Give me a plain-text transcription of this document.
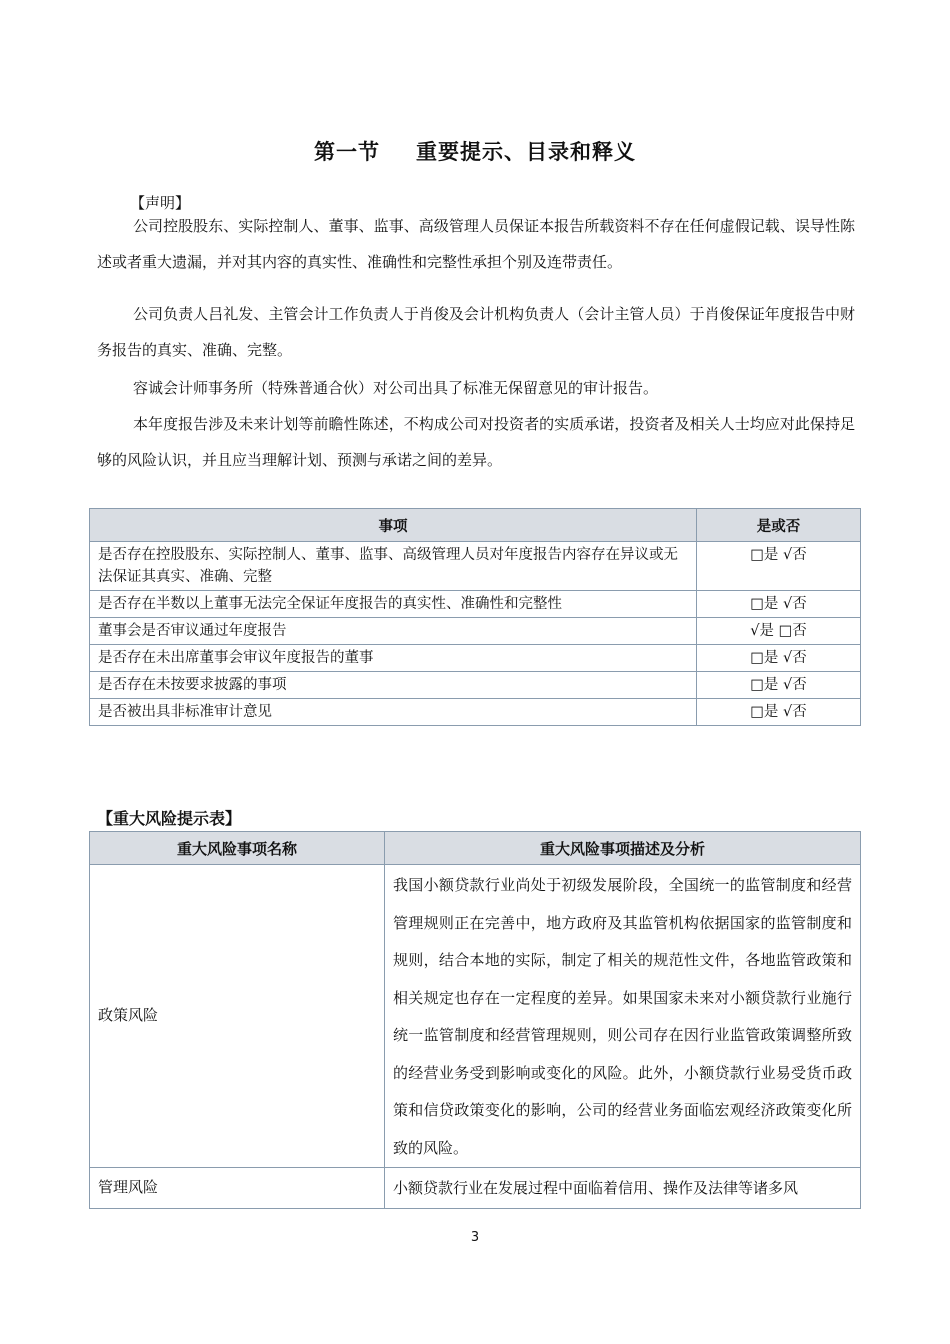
第一节 重要提示、目录和释义
【声明】

公司控股股东、实际控制人、董事、监事、高级管理人员保证本报告所载资料不存在任何虚假记载、误导性陈述或者重大遗漏，并对其内容的真实性、准确性和完整性承担个别及连带责任。

公司负责人吕礼发、主管会计工作负责人于肖俊及会计机构负责人（会计主管人员）于肖俊保证年度报告中财务报告的真实、准确、完整。

容诚会计师事务所（特殊普通合伙）对公司出具了标准无保留意见的审计报告。

本年度报告涉及未来计划等前瞻性陈述，不构成公司对投资者的实质承诺，投资者及相关人士均应对此保持足够的风险认识，并且应当理解计划、预测与承诺之间的差异。

事项	是或否
是否存在控股股东、实际控制人、董事、监事、高级管理人员对年度报告内容存在异议或无法保证其真实、准确、完整	□是 √否
是否存在半数以上董事无法完全保证年度报告的真实性、准确性和完整性	□是 √否
董事会是否审议通过年度报告	√是 □否
是否存在未出席董事会审议年度报告的董事	□是 √否
是否存在未按要求披露的事项	□是 √否
是否被出具非标准审计意见	□是 √否
【重大风险提示表】
重大风险事项名称	重大风险事项描述及分析
政策风险	我国小额贷款行业尚处于初级发展阶段，全国统一的监管制度和经营管理规则正在完善中，地方政府及其监管机构依据国家的监管制度和规则，结合本地的实际，制定了相关的规范性文件，各地监管政策和相关规定也存在一定程度的差异。如果国家未来对小额贷款行业施行统一监管制度和经营管理规则，则公司存在因行业监管政策调整所致的经营业务受到影响或变化的风险。此外，小额贷款行业易受货币政策和信贷政策变化的影响，公司的经营业务面临宏观经济政策变化所致的风险。
管理风险	小额贷款行业在发展过程中面临着信用、操作及法律等诸多风
3
